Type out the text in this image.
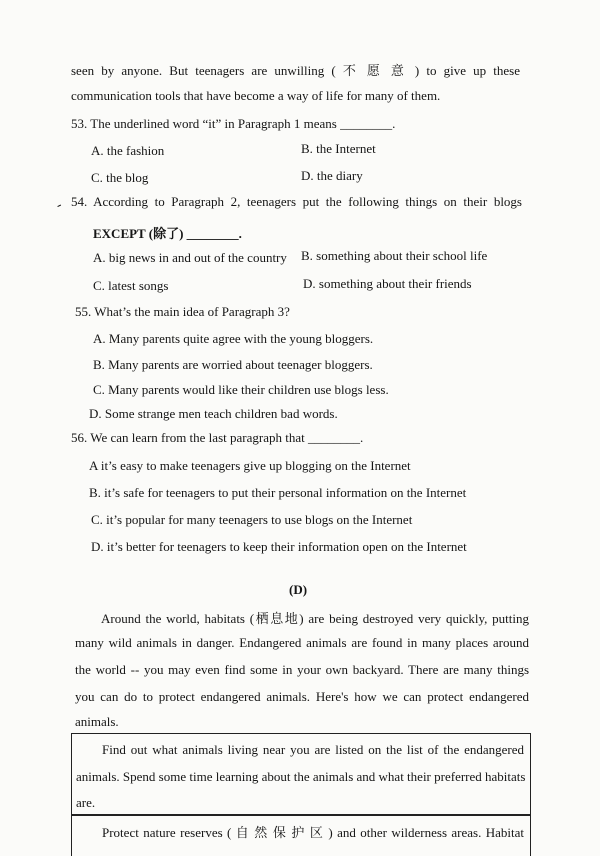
seen by anyone. But teenagers are unwilling ( 不 愿 意 ) to give up these
communication tools that have become a way of life for many of them.
53. The underlined word “it” in Paragraph 1 means ________.
A. the fashion	B. the Internet
C. the blog	D. the diary
- 54. According to Paragraph 2, teenagers put the following things on their blogs
EXCEPT (除了) ________.
A. big news in and out of the country B. something about their school life
C. latest songs	D. something about their friends
55. What’s the main idea of Paragraph 3?
A. Many parents quite agree with the young bloggers.
B. Many parents are worried about teenager bloggers.
C. Many parents would like their children use blogs less.
D. Some strange men teach children bad words.
56. We can learn from the last paragraph that ________.
A it’s easy to make teenagers give up blogging on the Internet
B. it’s safe for teenagers to put their personal information on the Internet
C. it’s popular for many teenagers to use blogs on the Internet
D. it’s better for teenagers to keep their information open on the Internet
(D)
Around the world, habitats (栖息地) are being destroyed very quickly, putting
many wild animals in danger. Endangered animals are found in many places around
the world -- you may even find some in your own backyard. There are many things
you can do to protect endangered animals. Here's how we can protect endangered
animals.
Find out what animals living near you are listed on the list of the endangered
animals. Spend some time learning about the animals and what their preferred habitats
are.
Protect nature reserves ( 自 然 保 护 区 ) and other wilderness areas. Habitat
